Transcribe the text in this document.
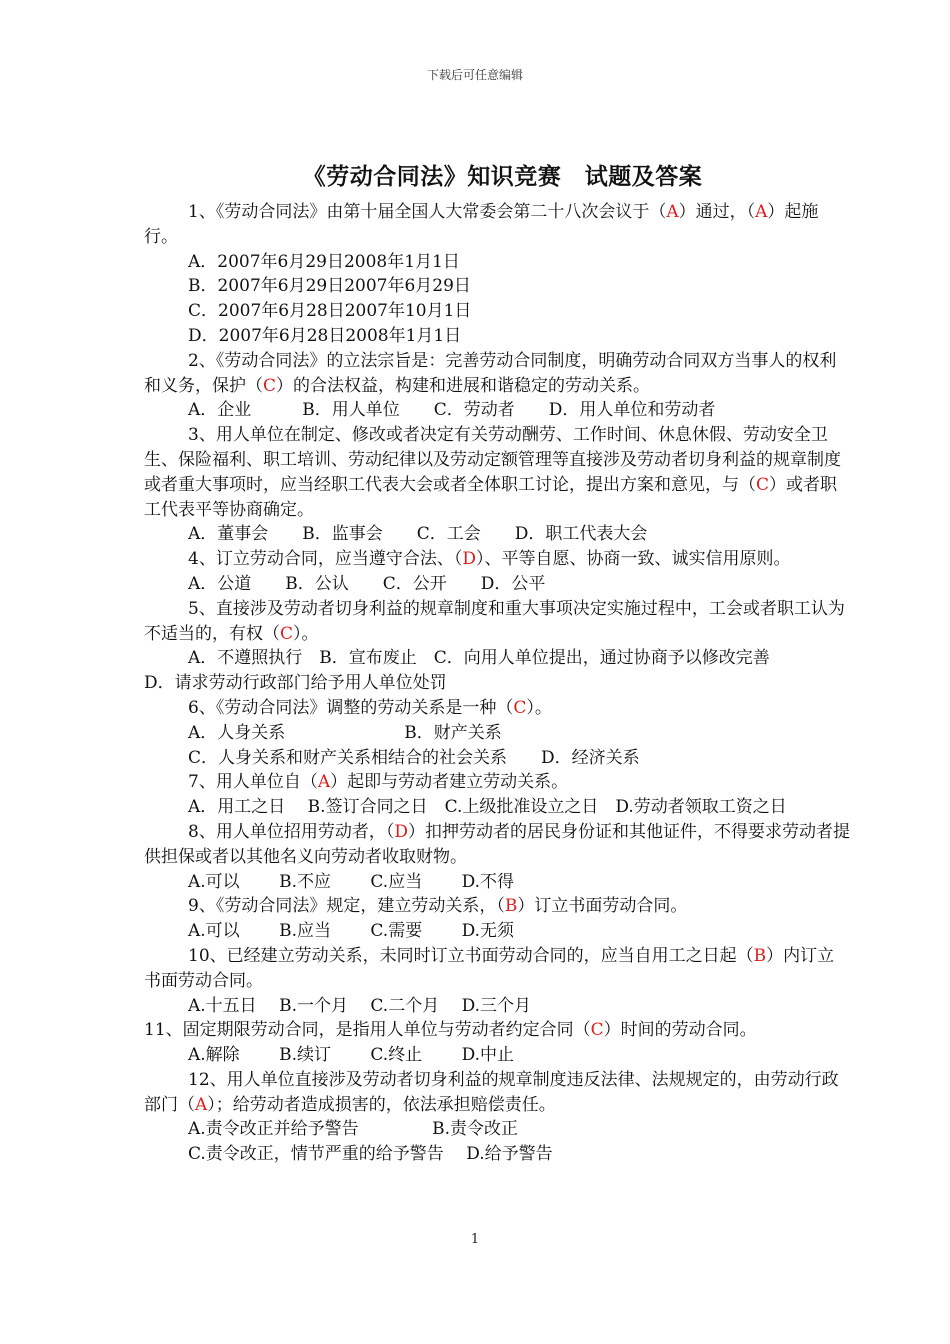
下载后可任意编辑
《劳动合同法》知识竞赛　试题及答案

1、《劳动合同法》由第十届全国人大常委会第二十八次会议于（A）通过，（A）起施行。

A．2007年6月29日2008年1月1日

B．2007年6月29日2007年6月29日

C．2007年6月28日2007年10月1日

D．2007年6月28日2008年1月1日

2、《劳动合同法》的立法宗旨是：完善劳动合同制度，明确劳动合同双方当事人的权利和义务，保护（C）的合法权益，构建和进展和谐稳定的劳动关系。

A．企业　　　B．用人单位　　C．劳动者　　D．用人单位和劳动者

3、用人单位在制定、修改或者决定有关劳动酬劳、工作时间、休息休假、劳动安全卫生、保险福利、职工培训、劳动纪律以及劳动定额管理等直接涉及劳动者切身利益的规章制度或者重大事项时，应当经职工代表大会或者全体职工讨论，提出方案和意见，与（C）或者职工代表平等协商确定。

A．董事会　　B．监事会　　C．工会　　D．职工代表大会

4、订立劳动合同，应当遵守合法、（D）、平等自愿、协商一致、诚实信用原则。

A．公道　　B．公认　　C．公开　　D．公平

5、直接涉及劳动者切身利益的规章制度和重大事项决定实施过程中，工会或者职工认为不适当的，有权（C）。

A．不遵照执行　B．宣布废止　C．向用人单位提出，通过协商予以修改完善

D．请求劳动行政部门给予用人单位处罚

6、《劳动合同法》调整的劳动关系是一种（C）。

A．人身关系　　　　　　　B．财产关系

C．人身关系和财产关系相结合的社会关系　　D．经济关系

7、用人单位自（A）起即与劳动者建立劳动关系。

A．用工之日　 B.签订合同之日　C.上级批准设立之日　D.劳动者领取工资之日

8、用人单位招用劳动者，（D）扣押劳动者的居民身份证和其他证件，不得要求劳动者提供担保或者以其他名义向劳动者收取财物。

A.可以　　 B.不应　　 C.应当　　 D.不得

9、《劳动合同法》规定，建立劳动关系，（B）订立书面劳动合同。

A.可以　　 B.应当　　 C.需要　　 D.无须

10、已经建立劳动关系，未同时订立书面劳动合同的，应当自用工之日起（B）内订立书面劳动合同。

A.十五日　 B.一个月　 C.二个月　 D.三个月

11、固定期限劳动合同，是指用人单位与劳动者约定合同（C）时间的劳动合同。

A.解除　　 B.续订　　 C.终止　　 D.中止

12、用人单位直接涉及劳动者切身利益的规章制度违反法律、法规规定的，由劳动行政部门（A）；给劳动者造成损害的，依法承担赔偿责任。

A.责令改正并给予警告　　　　 B.责令改正

C.责令改正，情节严重的给予警告　 D.给予警告

1
